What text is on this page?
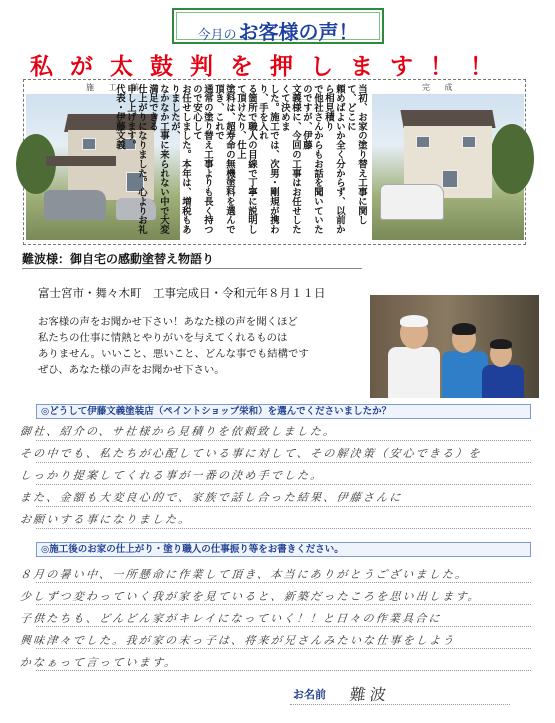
今月の お客様の声！
私が太鼓判を押します！！
施 工 前	完 成
当初、お家の塗り替え工事に関して、どこに
頼めばよいか全く分からず、以前から相見積り
で他社さんからもお話を聞いていたのですが、伊藤
文義様に、今回の工事はお任せしたくて決めま
した。施工では、次男・剛規が携わり、手を入れ
る箇所で職人の目線で丁寧に説明して頂けたり、仕上
塗料は、超寿命の無機塗料を選んで頂き、これで
通常の塗り替え工事よりも長く持つので安心して
お任せしました。本年は、増税もありましたが、
なかなか工事に来られない中で大変満足できる
仕上がりになりました。心よりお礼申し上げます。
代表・伊藤文義
難波様：御自宅の感動塗替え物語り
富士宮市・舞々木町　工事完成日・令和元年８月１１日
お客様の声をお聞かせ下さい！あなた様の声を聞くほど
私たちの仕事に情熱とやりがいを与えてくれるものは
ありません。いいこと、悪いこと、どんな事でも結構です
ぜひ、あなた様の声をお聞かせ下さい。
◎どうして伊藤文義塗装店（ペイントショップ栄和）を選んでくださいましたか？
◎施工後のお家の仕上がり・塗り職人の仕事振り等をお書きください。
御社、紹介の、サ社様から見積りを依頼致しました。
その中でも、私たちが心配している事に対して、その解決策（安心できる）を
しっかり提案してくれる事が一番の決め手でした。
また、金額も大変良心的で、家族で話し合った結果、伊藤さんに
お願いする事になりました。
８月の暑い中、一所懸命に作業して頂き、本当にありがとうございました。
少しずつ変わっていく我が家を見ていると、新築だったころを思い出します。
子供たちも、どんどん家がキレイになっていく！！と日々の作業具合に
興味津々でした。我が家の末っ子は、将来が兄さんみたいな仕事をしよう
かなぁって言っています。
お名前 難波
